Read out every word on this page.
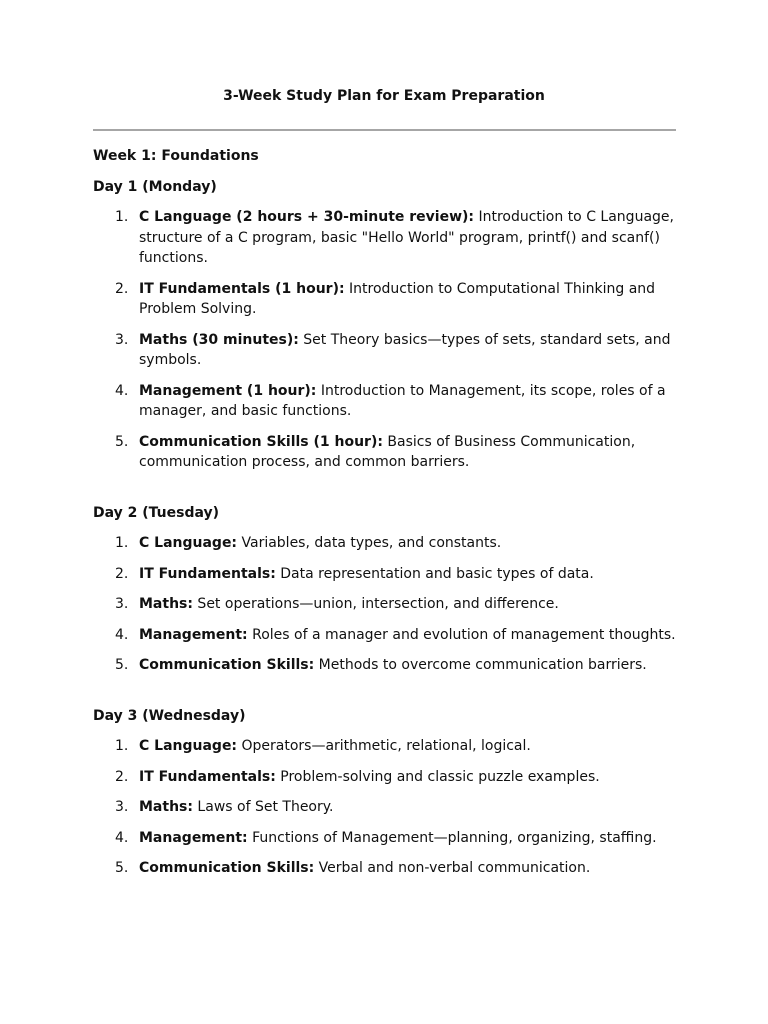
3-Week Study Plan for Exam Preparation
Week 1: Foundations
Day 1 (Monday)
1. C Language (2 hours + 30-minute review): Introduction to C Language, structure of a C program, basic "Hello World" program, printf() and scanf() functions.
2. IT Fundamentals (1 hour): Introduction to Computational Thinking and Problem Solving.
3. Maths (30 minutes): Set Theory basics—types of sets, standard sets, and symbols.
4. Management (1 hour): Introduction to Management, its scope, roles of a manager, and basic functions.
5. Communication Skills (1 hour): Basics of Business Communication, communication process, and common barriers.
Day 2 (Tuesday)
1. C Language: Variables, data types, and constants.
2. IT Fundamentals: Data representation and basic types of data.
3. Maths: Set operations—union, intersection, and difference.
4. Management: Roles of a manager and evolution of management thoughts.
5. Communication Skills: Methods to overcome communication barriers.
Day 3 (Wednesday)
1. C Language: Operators—arithmetic, relational, logical.
2. IT Fundamentals: Problem-solving and classic puzzle examples.
3. Maths: Laws of Set Theory.
4. Management: Functions of Management—planning, organizing, staffing.
5. Communication Skills: Verbal and non-verbal communication.
